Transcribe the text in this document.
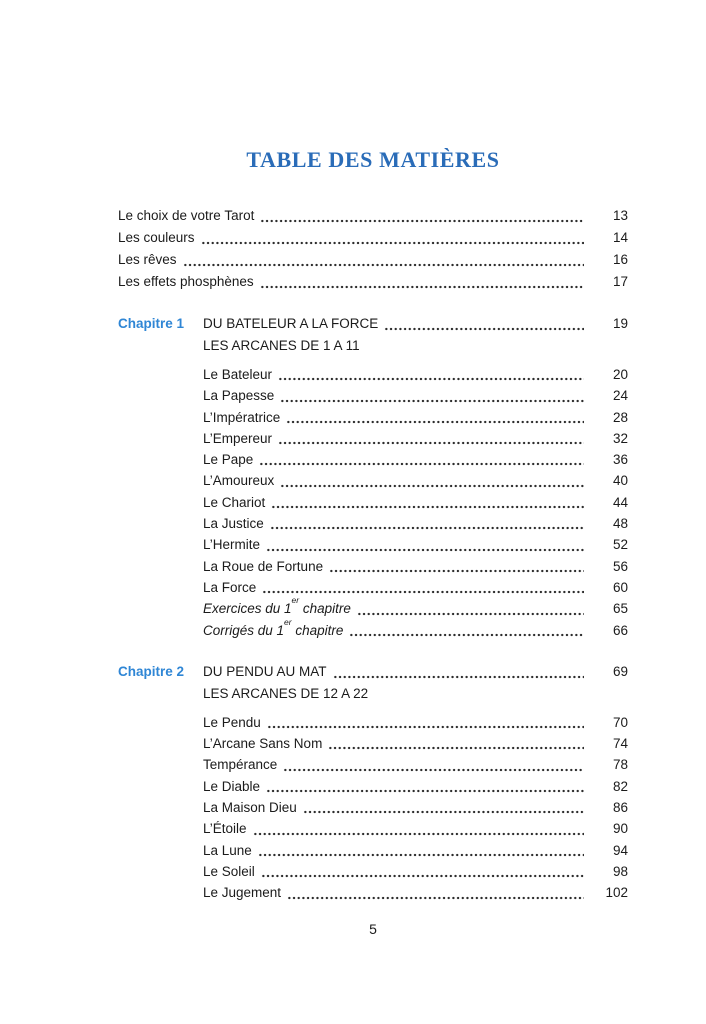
TABLE DES MATIÈRES
Le choix de votre Tarot	13
Les couleurs	14
Les rêves	16
Les effets phosphènes	17
Chapitre 1	DU BATELEUR A LA FORCE	19
LES ARCANES DE 1 A 11
Le Bateleur	20
La Papesse	24
L’Impératrice	28
L’Empereur	32
Le Pape	36
L’Amoureux	40
Le Chariot	44
La Justice	48
L’Hermite	52
La Roue de Fortune	56
La Force	60
Exercices du 1er chapitre	65
Corrigés du 1er chapitre	66
Chapitre 2	DU PENDU AU MAT	69
LES ARCANES DE 12 A 22
Le Pendu	70
L’Arcane Sans Nom	74
Tempérance	78
Le Diable	82
La Maison Dieu	86
L’Étoile	90
La Lune	94
Le Soleil	98
Le Jugement	102
5
